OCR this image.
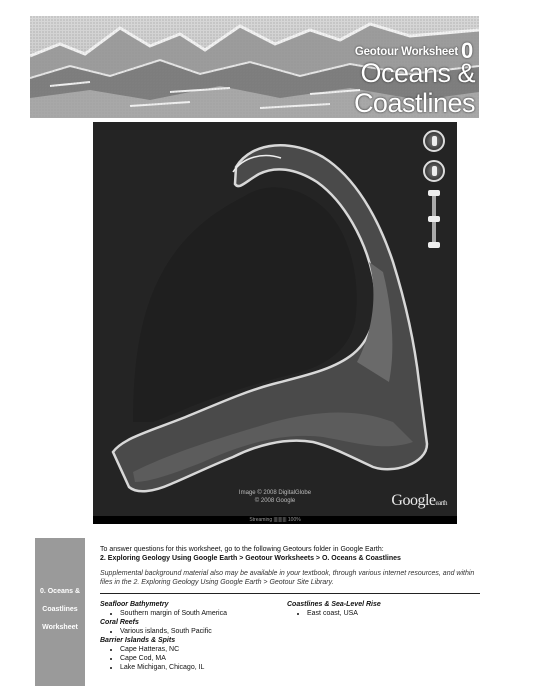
Geotour Worksheet 0
Oceans &
Coastlines
Image © 2008 DigitalGlobe
© 2008 Google	Googleearth
Streaming |||||||||| 100%
0. Oceans &
Coastlines
Worksheet

To answer questions for this worksheet, go to the following Geotours folder in Google Earth:

2. Exploring Geology Using Google Earth > Geotour Worksheets > O. Oceans & Coastlines

Supplemental background material also may be available in your textbook, through various internet resources, and within files in the 2. Exploring Geology Using Google Earth > Geotour Site Library.

Seafloor Bathymetry
• Southern margin of South America
Coral Reefs
• Various islands, South Pacific
Barrier Islands & Spits
• Cape Hatteras, NC
• Cape Cod, MA
• Lake Michigan, Chicago, IL
Coastlines & Sea-Level Rise
• East coast, USA
